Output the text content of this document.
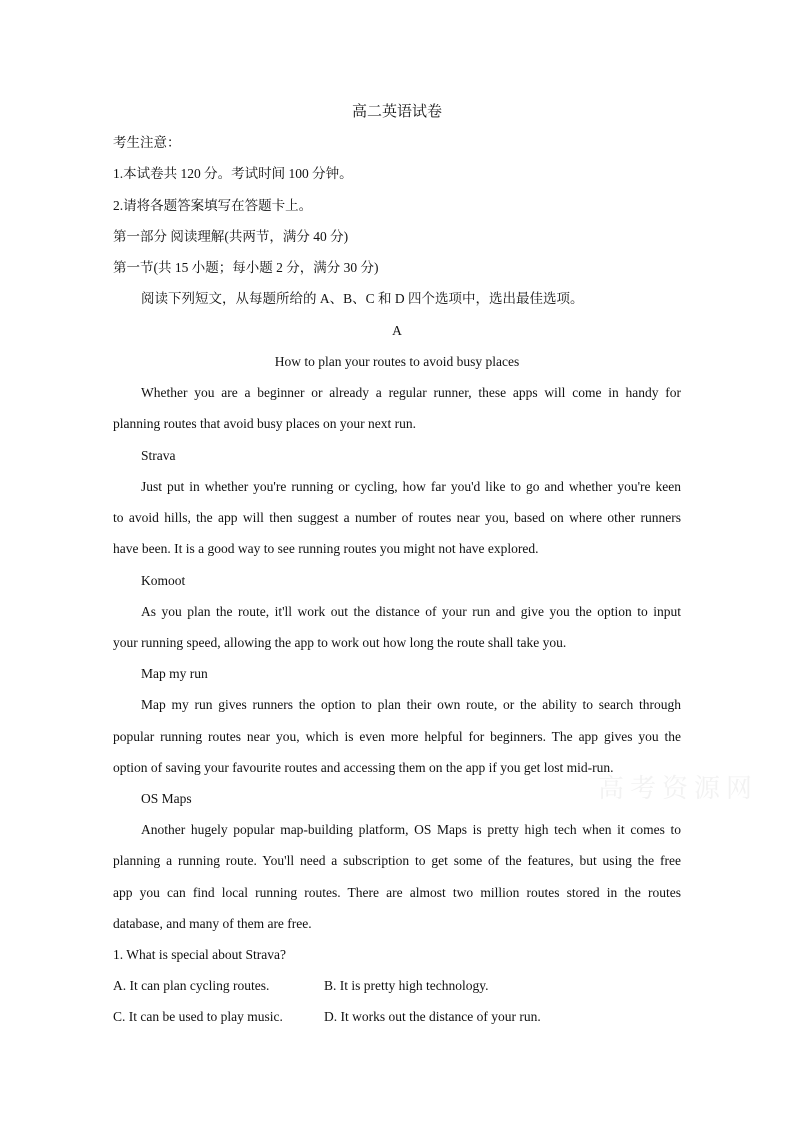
高二英语试卷
考生注意：
1.本试卷共 120 分。考试时间 100 分钟。
2.请将各题答案填写在答题卡上。
第一部分 阅读理解(共两节，满分 40 分)
第一节(共 15 小题；每小题 2 分，满分 30 分)
阅读下列短文，从每题所给的 A、B、C 和 D 四个选项中，选出最佳选项。
A
How to plan your routes to avoid busy places
Whether you are a beginner or already a regular runner, these apps will come in handy for
planning routes that avoid busy places on your next run.
Strava
Just put in whether you're running or cycling, how far you'd like to go and whether you're keen
to avoid hills, the app will then suggest a number of routes near you, based on where other runners
have been. It is a good way to see running routes you might not have explored.
Komoot
As you plan the route, it'll work out the distance of your run and give you the option to input
your running speed, allowing the app to work out how long the route shall take you.
Map my run
Map my run gives runners the option to plan their own route, or the ability to search through
popular running routes near you, which is even more helpful for beginners. The app gives you the
option of saving your favourite routes and accessing them on the app if you get lost mid-run.
OS Maps
Another hugely popular map-building platform, OS Maps is pretty high tech when it comes to
planning a running route. You'll need a subscription to get some of the features, but using the free
app you can find local running routes. There are almost two million routes stored in the routes
database, and many of them are free.
1. What is special about Strava?
A. It can plan cycling routes.	B. It is pretty high technology.
C. It can be used to play music.	D. It works out the distance of your run.
高考资源网
